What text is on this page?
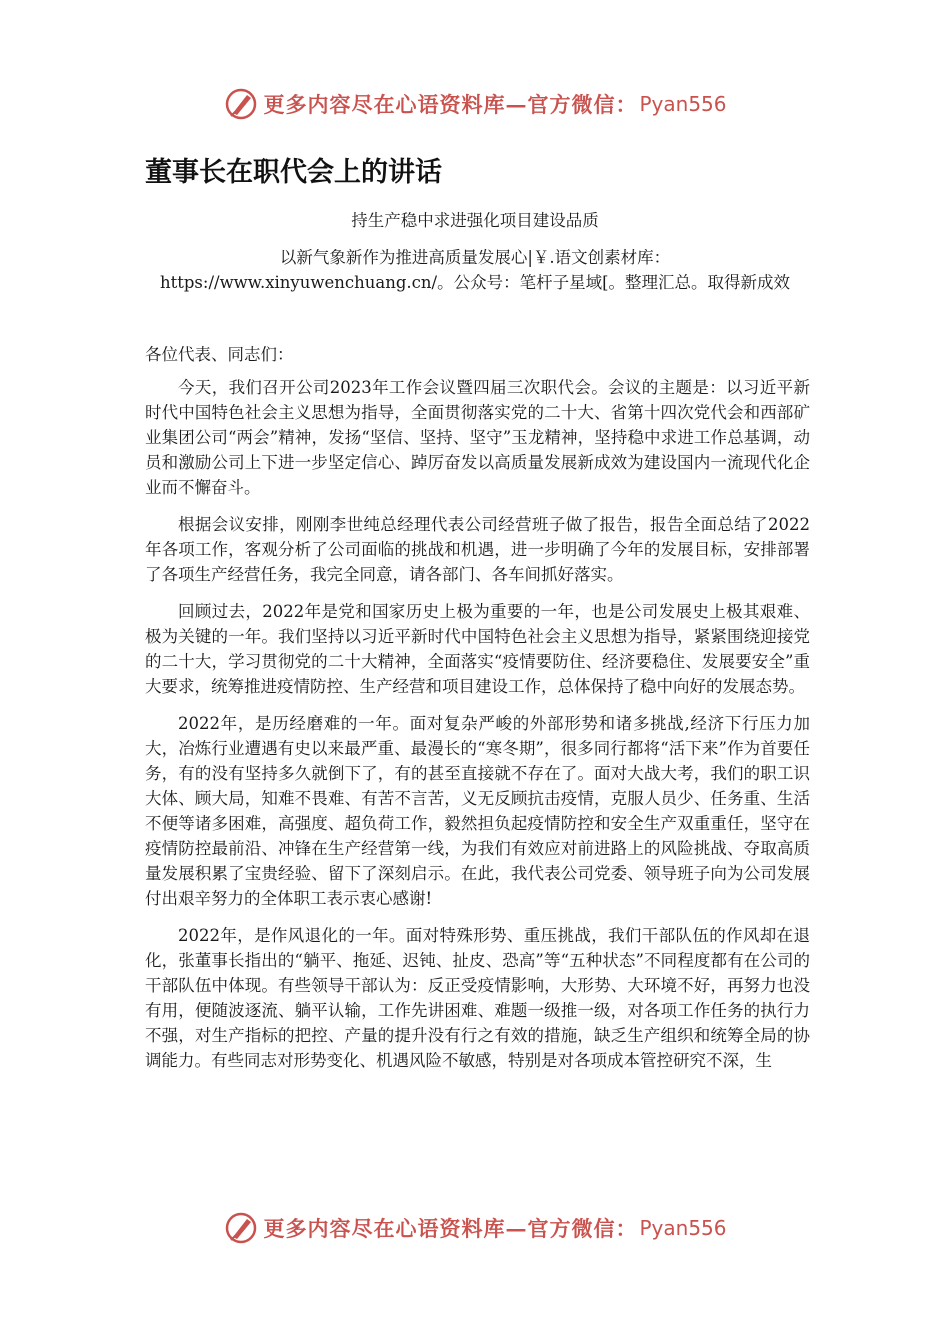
更多内容尽在心语资料库—官方微信： Pyan556
董事长在职代会上的讲话

持生产稳中求进强化项目建设品质

以新气象新作为推进高质量发展心|￥.语文创素材库：https://www.xinyuwenchuang.cn/。公众号：笔杆子星域[。整理汇总。取得新成效

各位代表、同志们：

今天，我们召开公司2023年工作会议暨四届三次职代会。会议的主题是：以习近平新时代中国特色社会主义思想为指导，全面贯彻落实党的二十大、省第十四次党代会和西部矿业集团公司“两会”精神，发扬“坚信、坚持、坚守”玉龙精神，坚持稳中求进工作总基调，动员和激励公司上下进一步坚定信心、踔厉奋发以高质量发展新成效为建设国内一流现代化企业而不懈奋斗。

根据会议安排，刚刚李世纯总经理代表公司经营班子做了报告，报告全面总结了2022年各项工作，客观分析了公司面临的挑战和机遇，进一步明确了今年的发展目标，安排部署了各项生产经营任务，我完全同意，请各部门、各车间抓好落实。

回顾过去，2022年是党和国家历史上极为重要的一年，也是公司发展史上极其艰难、极为关键的一年。我们坚持以习近平新时代中国特色社会主义思想为指导，紧紧围绕迎接党的二十大，学习贯彻党的二十大精神，全面落实“疫情要防住、经济要稳住、发展要安全”重大要求，统筹推进疫情防控、生产经营和项目建设工作，总体保持了稳中向好的发展态势。

2022年，是历经磨难的一年。面对复杂严峻的外部形势和诸多挑战,经济下行压力加大，冶炼行业遭遇有史以来最严重、最漫长的“寒冬期”，很多同行都将“活下来”作为首要任务，有的没有坚持多久就倒下了，有的甚至直接就不存在了。面对大战大考，我们的职工识大体、顾大局，知难不畏难、有苦不言苦，义无反顾抗击疫情，克服人员少、任务重、生活不便等诸多困难，高强度、超负荷工作，毅然担负起疫情防控和安全生产双重重任，坚守在疫情防控最前沿、冲锋在生产经营第一线，为我们有效应对前进路上的风险挑战、夺取高质量发展积累了宝贵经验、留下了深刻启示。在此，我代表公司党委、领导班子向为公司发展付出艰辛努力的全体职工表示衷心感谢!

2022年，是作风退化的一年。面对特殊形势、重压挑战，我们干部队伍的作风却在退化，张董事长指出的“躺平、拖延、迟钝、扯皮、恐高”等“五种状态”不同程度都有在公司的干部队伍中体现。有些领导干部认为：反正受疫情影响，大形势、大环境不好，再努力也没有用，便随波逐流、躺平认输，工作先讲困难、难题一级推一级，对各项工作任务的执行力不强，对生产指标的把控、产量的提升没有行之有效的措施，缺乏生产组织和统筹全局的协调能力。有些同志对形势变化、机遇风险不敏感，特别是对各项成本管控研究不深，生

更多内容尽在心语资料库—官方微信： Pyan556
